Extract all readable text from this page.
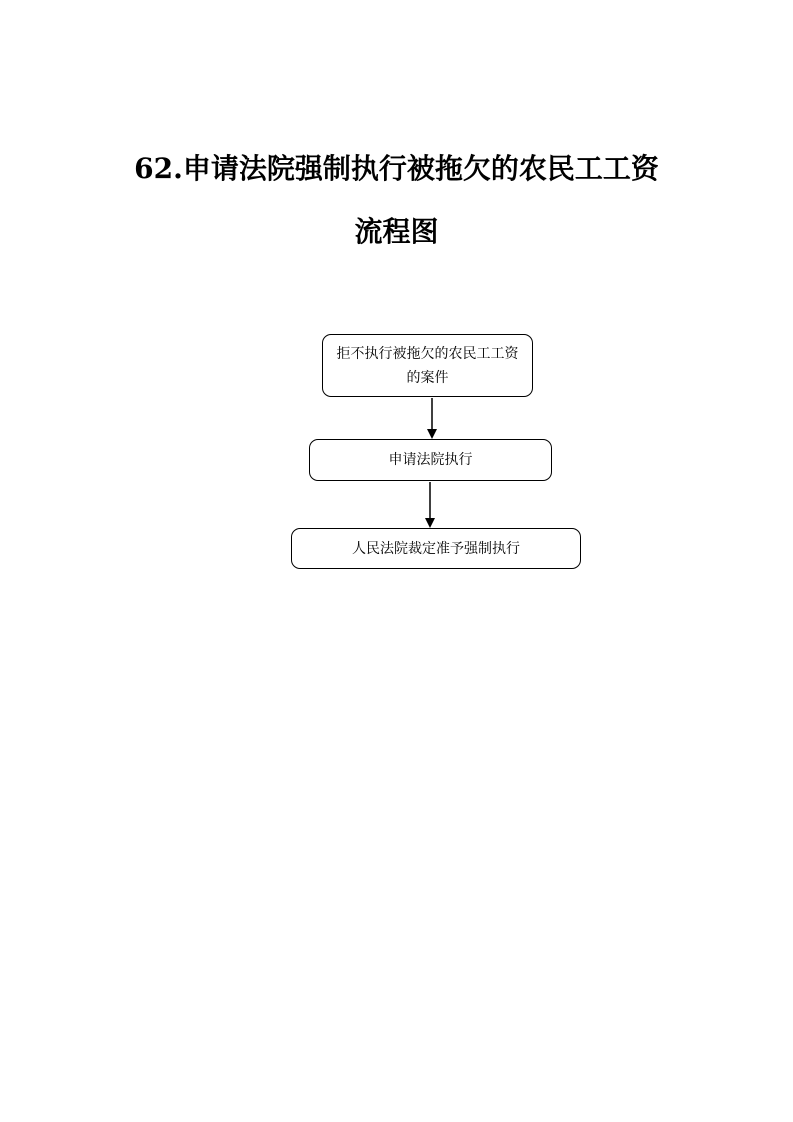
62.申请法院强制执行被拖欠的农民工工资
流程图
拒不执行被拖欠的农民工工资
的案件
申请法院执行
人民法院裁定准予强制执行
